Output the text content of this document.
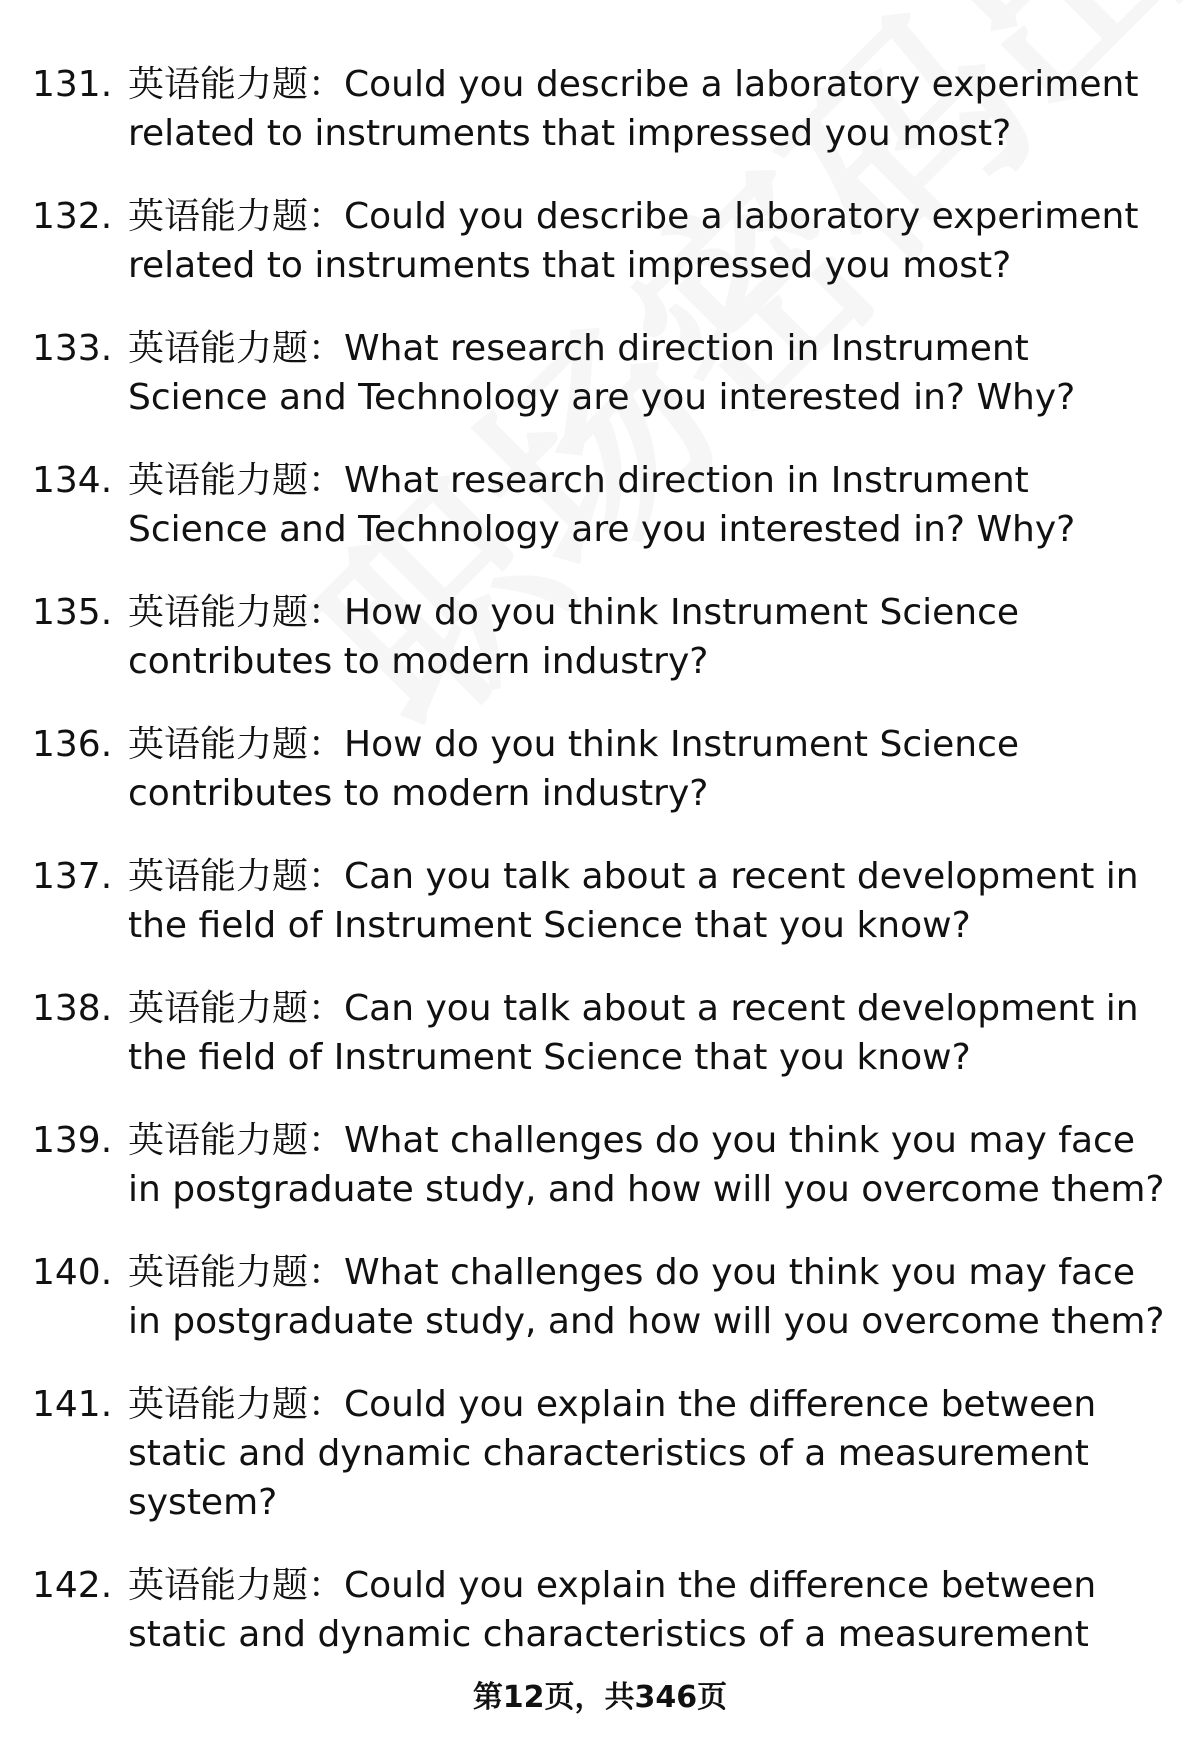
131. 英语能力题：Could you describe a laboratory experiment related to instruments that impressed you most?
132. 英语能力题：Could you describe a laboratory experiment related to instruments that impressed you most?
133. 英语能力题：What research direction in Instrument Science and Technology are you interested in? Why?
134. 英语能力题：What research direction in Instrument Science and Technology are you interested in? Why?
135. 英语能力题：How do you think Instrument Science contributes to modern industry?
136. 英语能力题：How do you think Instrument Science contributes to modern industry?
137. 英语能力题：Can you talk about a recent development in the field of Instrument Science that you know?
138. 英语能力题：Can you talk about a recent development in the field of Instrument Science that you know?
139. 英语能力题：What challenges do you think you may face in postgraduate study, and how will you overcome them?
140. 英语能力题：What challenges do you think you may face in postgraduate study, and how will you overcome them?
141. 英语能力题：Could you explain the difference between static and dynamic characteristics of a measurement system?
142. 英语能力题：Could you explain the difference between static and dynamic characteristics of a measurement
第12页，共346页
